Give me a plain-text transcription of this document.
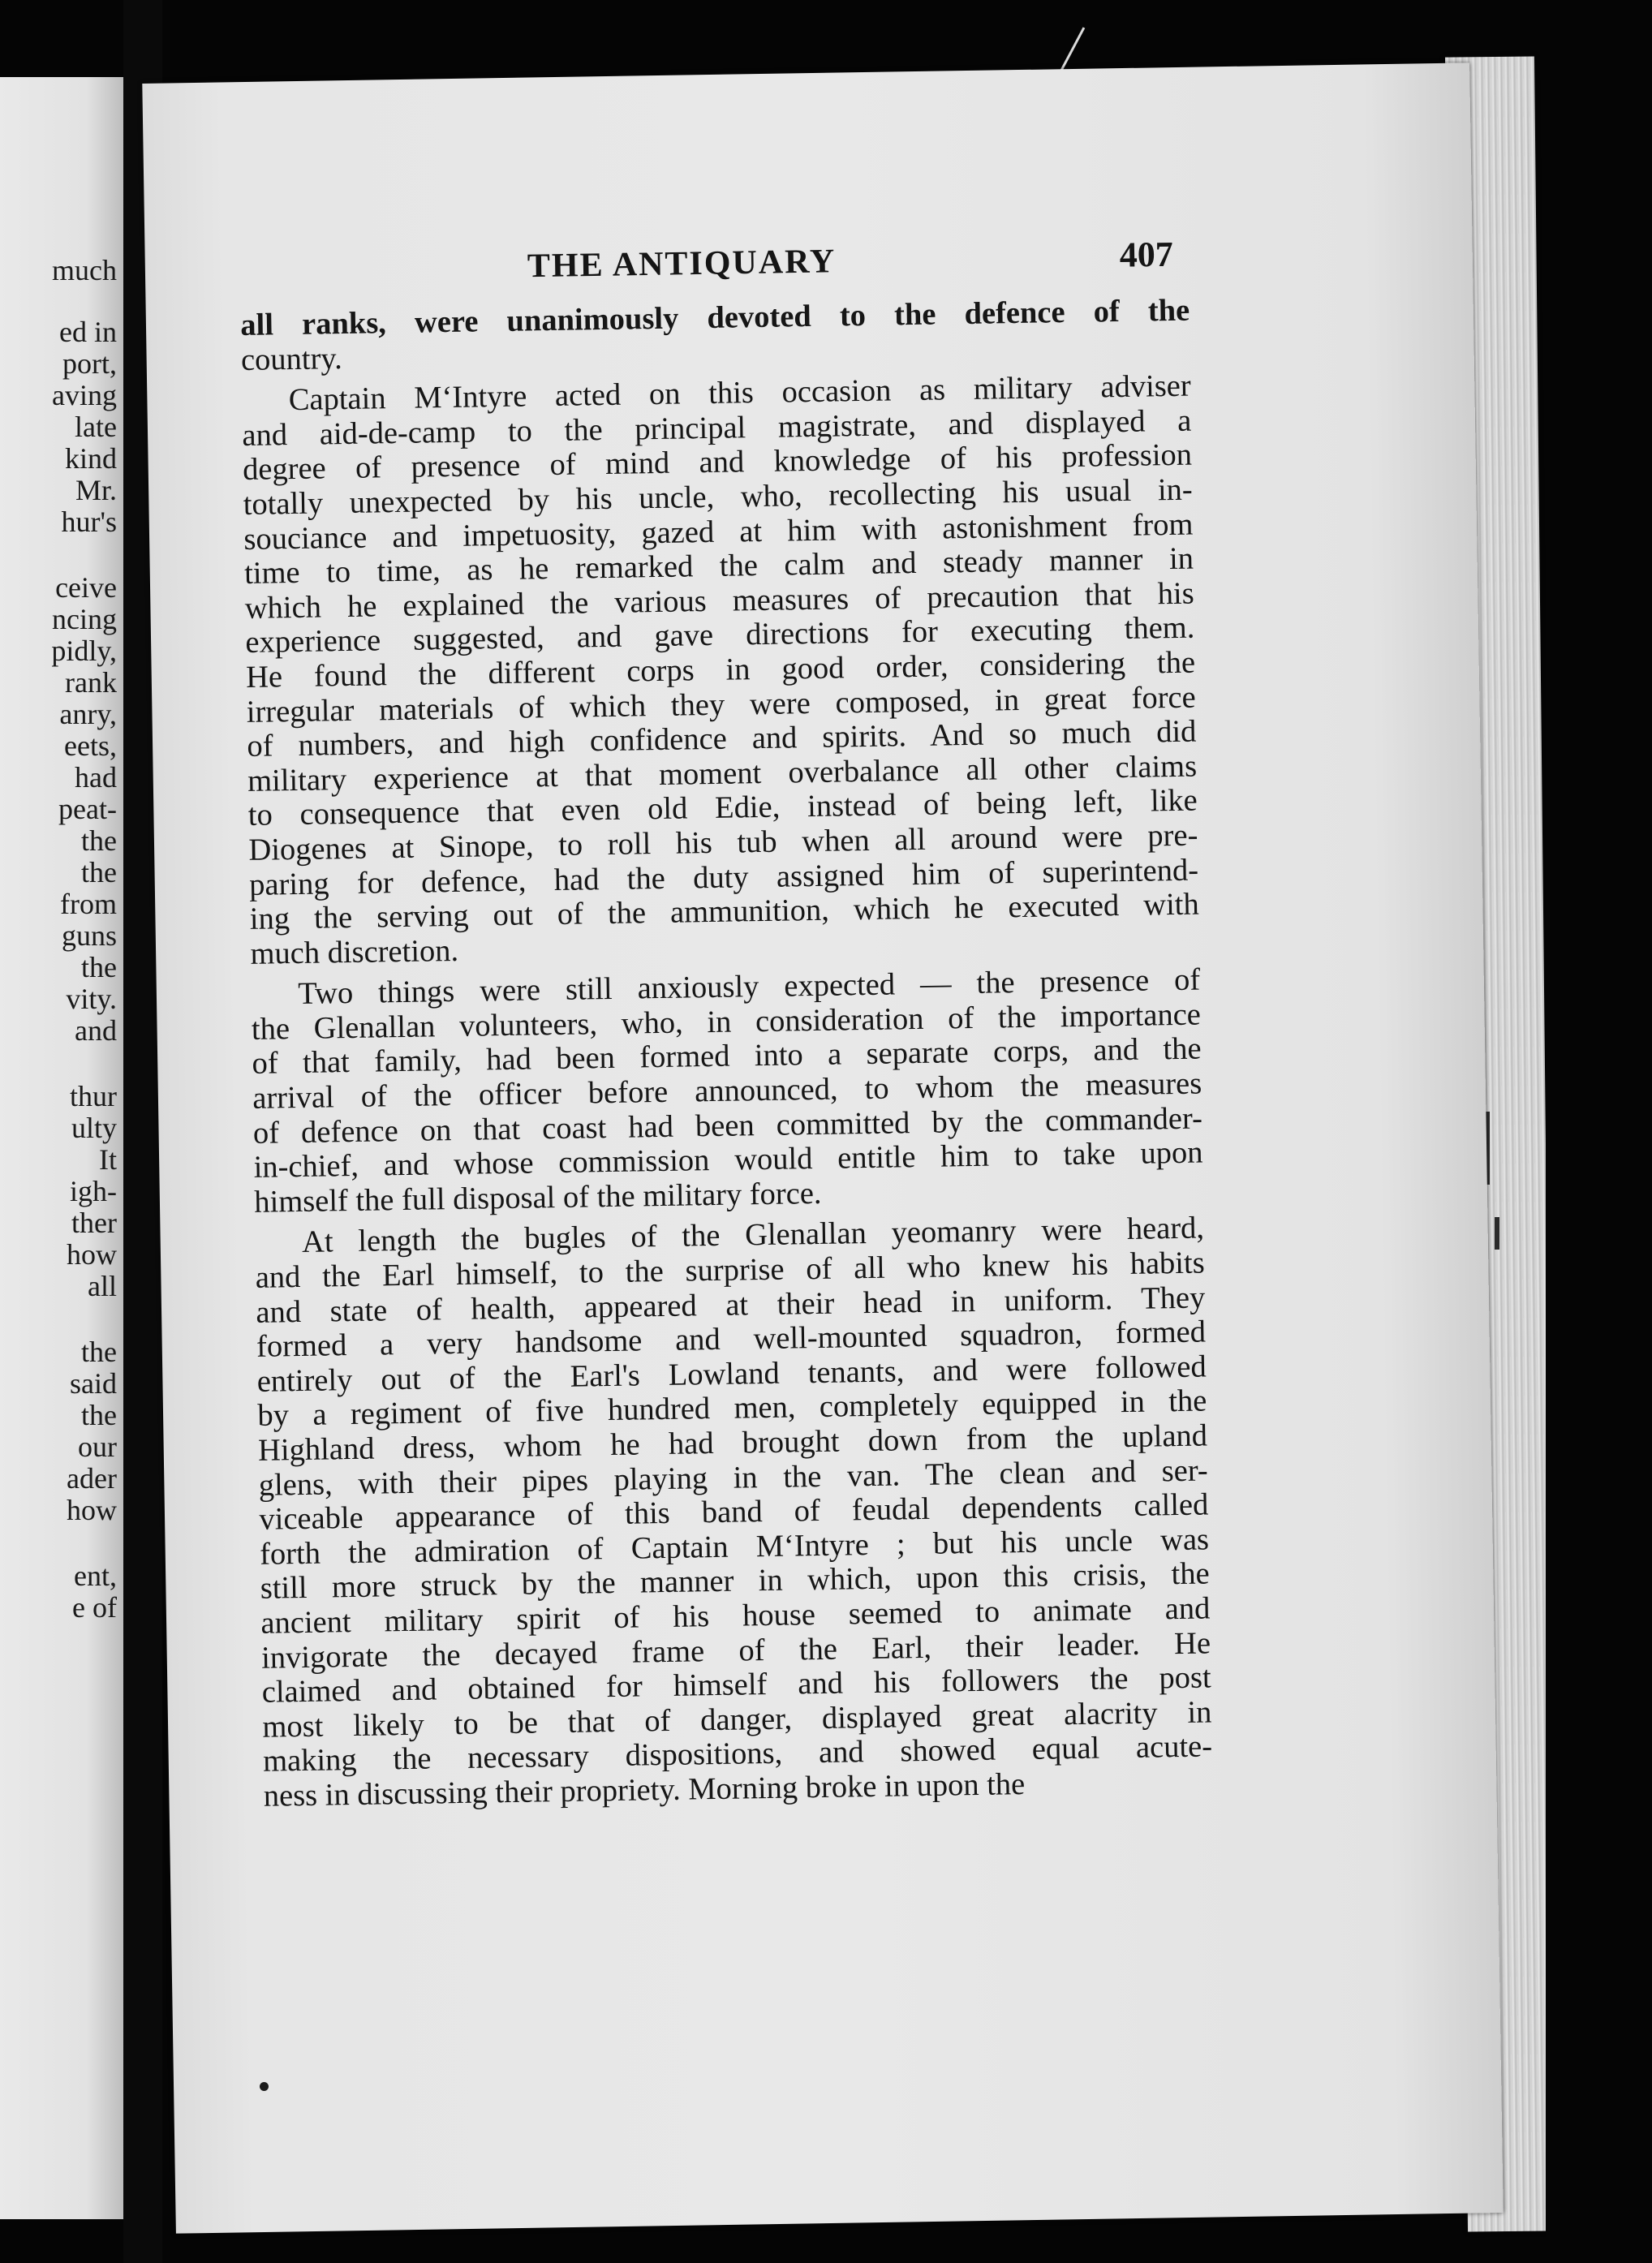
much
ed in
port,
aving
late
kind
Mr.
hur's
ceive
ncing
pidly,
rank
anry,
eets,
had
peat-
the
the
from
guns
the
vity.
and
thur
ulty
It
igh-
ther
how
all
the
said
the
our
ader
how
ent,
e of
THE ANTIQUARY	407
all ranks, were unanimously devoted to the defence of the
country.
Captain M‘Intyre acted on this occasion as military adviser
and aid-de-camp to the principal magistrate, and displayed a
degree of presence of mind and knowledge of his profession
totally unexpected by his uncle, who, recollecting his usual in-
souciance and impetuosity, gazed at him with astonishment from
time to time, as he remarked the calm and steady manner in
which he explained the various measures of precaution that his
experience suggested, and gave directions for executing them.
He found the different corps in good order, considering the
irregular materials of which they were composed, in great force
of numbers, and high confidence and spirits. And so much did
military experience at that moment overbalance all other claims
to consequence that even old Edie, instead of being left, like
Diogenes at Sinope, to roll his tub when all around were pre-
paring for defence, had the duty assigned him of superintend-
ing the serving out of the ammunition, which he executed with
much discretion.
Two things were still anxiously expected — the presence of
the Glenallan volunteers, who, in consideration of the importance
of that family, had been formed into a separate corps, and the
arrival of the officer before announced, to whom the measures
of defence on that coast had been committed by the commander-
in-chief, and whose commission would entitle him to take upon
himself the full disposal of the military force.
At length the bugles of the Glenallan yeomanry were heard,
and the Earl himself, to the surprise of all who knew his habits
and state of health, appeared at their head in uniform. They
formed a very handsome and well-mounted squadron, formed
entirely out of the Earl's Lowland tenants, and were followed
by a regiment of five hundred men, completely equipped in the
Highland dress, whom he had brought down from the upland
glens, with their pipes playing in the van. The clean and ser-
viceable appearance of this band of feudal dependents called
forth the admiration of Captain M‘Intyre ; but his uncle was
still more struck by the manner in which, upon this crisis, the
ancient military spirit of his house seemed to animate and
invigorate the decayed frame of the Earl, their leader. He
claimed and obtained for himself and his followers the post
most likely to be that of danger, displayed great alacrity in
making the necessary dispositions, and showed equal acute-
ness in discussing their propriety. Morning broke in upon the
